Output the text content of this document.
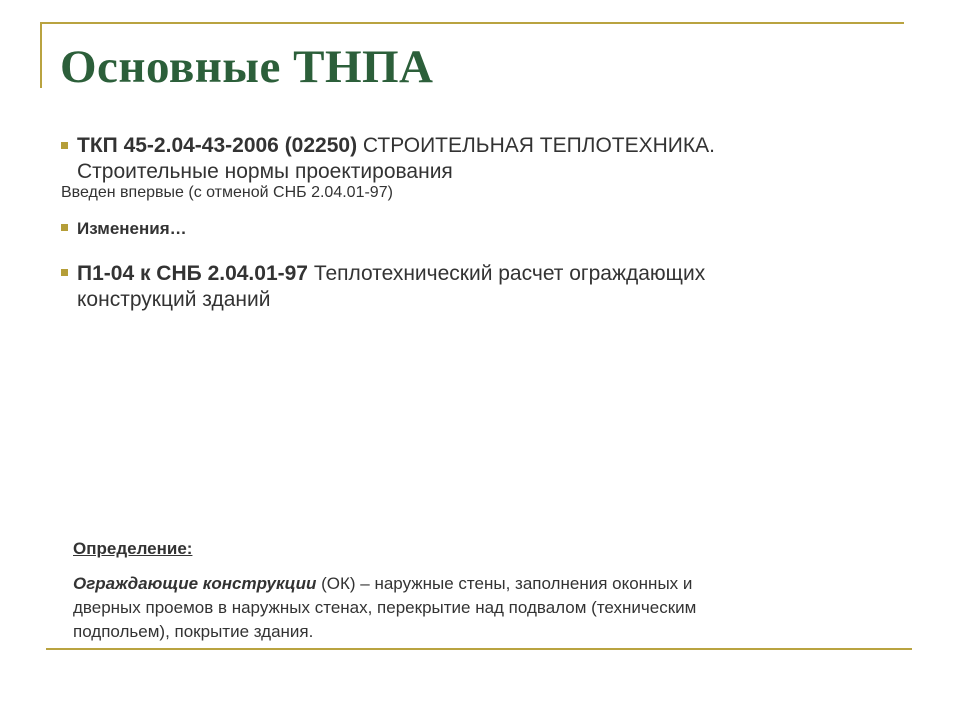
Основные ТНПА
ТКП 45-2.04-43-2006 (02250) СТРОИТЕЛЬНАЯ ТЕПЛОТЕХНИКА.
Строительные нормы проектирования
Введен впервые (с отменой СНБ 2.04.01-97)
Изменения…
П1-04 к СНБ 2.04.01-97 Теплотехнический расчет ограждающих
конструкций зданий
Определение:
Ограждающие конструкции (ОК) – наружные стены, заполнения оконных и
дверных проемов в наружных стенах, перекрытие над подвалом (техническим
подпольем), покрытие здания.
